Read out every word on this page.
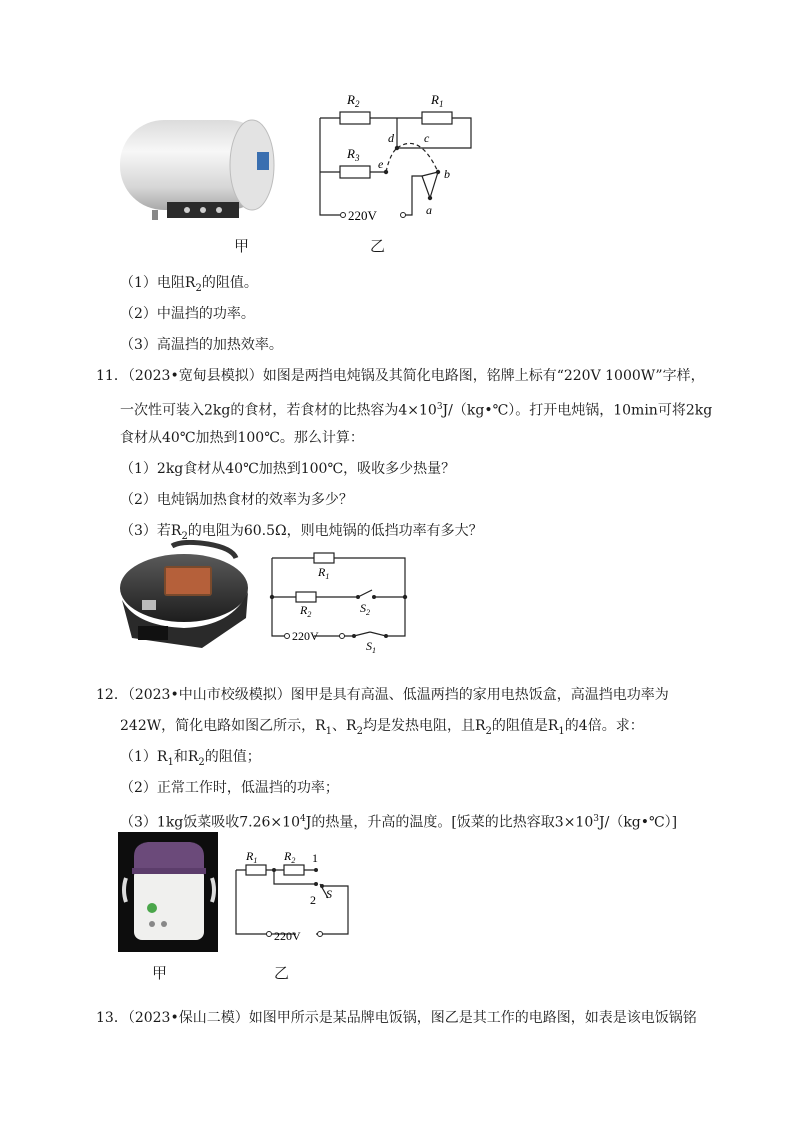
甲
$R_2$	$R_1$
$R_3$
d	c
e
b
a
220V
乙
（1）电阻$R_2$的阻值。
（2）中温挡的功率。
（3）高温挡的加热效率。
11．（2023•宽甸县模拟）如图是两挡电炖锅及其简化电路图，铭牌上标有“220V 1000W”字样，
一次性可装入2kg的食材，若食材的比热容为$4\times 10^3J/(kg•℃)$。打开电炖锅，10min可将2kg
食材从40℃加热到100℃。那么计算：
（1）2kg食材从40℃加热到100℃，吸收多少热量？
（2）电炖锅加热食材的效率为多少？
（3）若$R_2$的电阻为60.5Ω，则电炖锅的低挡功率有多大？
$R_1$
$R_2$	$S_2$
$S_1$
220V
12．（2023•中山市校级模拟）图甲是具有高温、低温两挡的家用电热饭盒，高温挡电功率为
242W，简化电路如图乙所示，$R_1$、$R_2$均是发热电阻，且$R_2$的阻值是$R_1$的4倍。求：
$(1)R_1$和$R_2$的阻值；
（2）正常工作时，低温挡的功率；
（3）1kg饭菜吸收$7.26\times 10^4J$的热量，升高的温度。[饭菜的比热容取$3\times 10^3J/(kg•℃)$]
甲
$R_1$ $R_2$ 1
2 S
220V
乙
13．（2023•保山二模）如图甲所示是某品牌电饭锅，图乙是其工作的电路图，如表是该电饭锅铭
